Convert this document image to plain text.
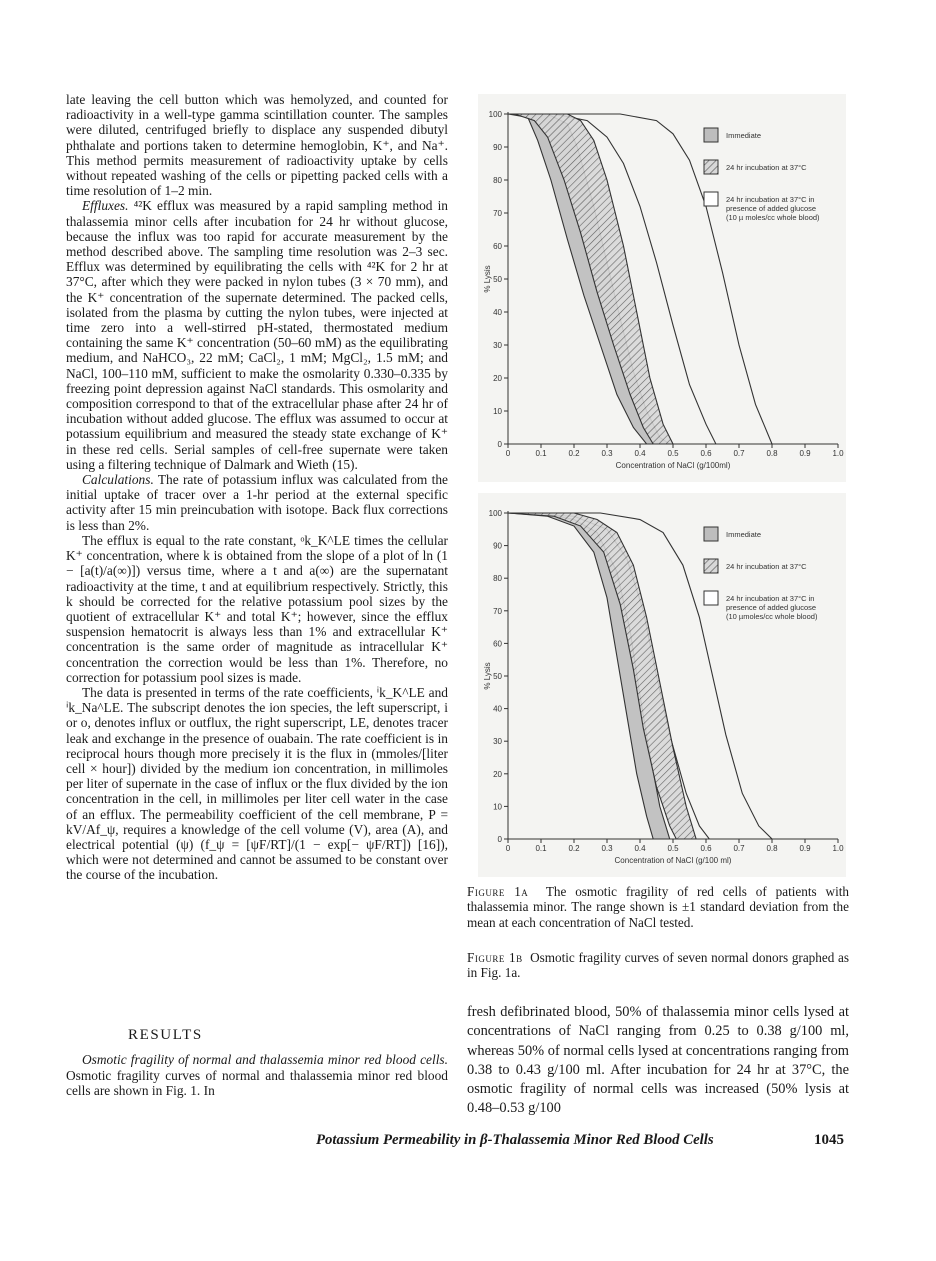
late leaving the cell button which was hemolyzed, and counted for radioactivity in a well-type gamma scintillation counter. The samples were diluted, centrifuged briefly to displace any suspended dibutyl phthalate and portions taken to determine hemoglobin, K⁺, and Na⁺. This method permits measurement of radioactivity uptake by cells without repeated washing of the cells or pipetting packed cells with a time resolution of 1–2 min.

Effluxes. ⁴²K efflux was measured by a rapid sampling method in thalassemia minor cells after incubation for 24 hr without glucose, because the influx was too rapid for accurate measurement by the method described above. The sampling time resolution was 2–3 sec. Efflux was determined by equilibrating the cells with ⁴²K for 2 hr at 37°C, after which they were packed in nylon tubes (3 × 70 mm), and the K⁺ concentration of the supernate determined. The packed cells, isolated from the plasma by cutting the nylon tubes, were injected at time zero into a well-stirred pH-stated, thermostated medium containing the same K⁺ concentration (50–60 mM) as the equilibrating medium, and NaHCO₃, 22 mM; CaCl₂, 1 mM; MgCl₂, 1.5 mM; and NaCl, 100–110 mM, sufficient to make the osmolarity 0.330–0.335 by freezing point depression against NaCl standards. This osmolarity and composition correspond to that of the extracellular phase after 24 hr of incubation without added glucose. The efflux was assumed to occur at potassium equilibrium and measured the steady state exchange of K⁺ in these red cells. Serial samples of cell-free supernate were taken using a filtering technique of Dalmark and Wieth (15).

Calculations. The rate of potassium influx was calculated from the initial uptake of tracer over a 1-hr period at the external specific activity after 15 min preincubation with isotope. Back flux corrections is less than 2%.

The efflux is equal to the rate constant, ᵒk_K^LE times the cellular K⁺ concentration, where k is obtained from the slope of a plot of ln (1 − [a(t)/a(∞)]) versus time, where a t and a(∞) are the supernatant radioactivity at the time, t and at equilibrium respectively. Strictly, this k should be corrected for the relative potassium pool sizes by the quotient of extracellular K⁺ and total K⁺; however, since the efflux suspension hematocrit is always less than 1% and extracellular K⁺ concentration is the same order of magnitude as intracellular K⁺ concentration the correction would be less than 1%. Therefore, no correction for potassium pool sizes is made.

The data is presented in terms of the rate coefficients, ⁱk_K^LE and ⁱk_Na^LE. The subscript denotes the ion species, the left superscript, i or o, denotes influx or outflux, the right superscript, LE, denotes tracer leak and exchange in the presence of ouabain. The rate coefficient is in reciprocal hours though more precisely it is the flux in (mmoles/[liter cell × hour]) divided by the medium ion concentration, in millimoles per liter of supernate in the case of influx or the flux divided by the ion concentration in the cell, in millimoles per liter cell water in the case of an efflux. The permeability coefficient of the cell membrane, P = kV/Af_ψ, requires a knowledge of the cell volume (V), area (A), and electrical potential (ψ) (f_ψ = [ψF/RT]/(1 − exp[− ψF/RT]) [16]), which were not determined and cannot be assumed to be constant over the course of the incubation.

RESULTS
Osmotic fragility of normal and thalassemia minor red blood cells. Osmotic fragility curves of normal and thalassemia minor red blood cells are shown in Fig. 1. In
0
10
20
30
40
50
60
70
80
90
100
0	0.1	0.2	0.3	0.4	0.5	0.6	0.7	0.8	0.9	1.0
Concentration of NaCl (g/100ml)
% Lysis
Immediate
24 hr incubation at 37°C
24 hr incubation at 37°C in presence of added glucose (10 µ moles/cc whole blood)
0
10
20
30
40
50
60
70
80
90
100
0	0.1	0.2	0.3	0.4	0.5	0.6	0.7	0.8	0.9	1.0
Concentration of NaCl (g/100 ml)
% Lysis
Immediate
24 hr incubation at 37°C
24 hr incubation at 37°C in presence of added glucose (10 µmoles/cc whole blood)
Figure 1a The osmotic fragility of red cells of patients with thalassemia minor. The range shown is ±1 standard deviation from the mean at each concentration of NaCl tested.
Figure 1b Osmotic fragility curves of seven normal donors graphed as in Fig. 1a.
fresh defibrinated blood, 50% of thalassemia minor cells lysed at concentrations of NaCl ranging from 0.25 to 0.38 g/100 ml, whereas 50% of normal cells lysed at concentrations ranging from 0.38 to 0.43 g/100 ml. After incubation for 24 hr at 37°C, the osmotic fragility of normal cells was increased (50% lysis at 0.48–0.53 g/100
Potassium Permeability in β-Thalassemia Minor Red Blood Cells	1045
